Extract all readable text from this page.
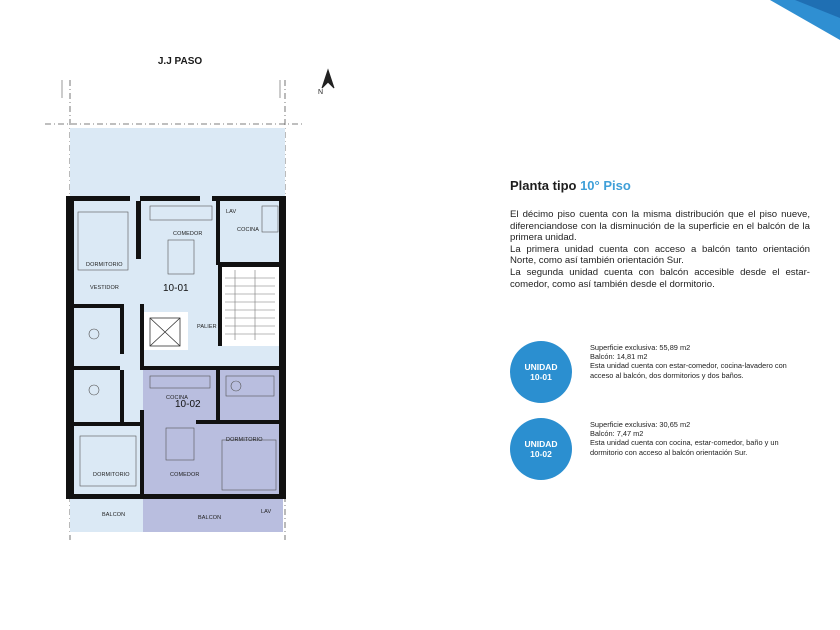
J.J PASO
COMEDOR
COCINA
LAV
DORMITORIO
VESTIDOR	10-01
PALIER
COCINA
10-02
DORMITORIO
DORMITORIO	COMEDOR
BALCON	BALCON
LAV
N
Planta tipo 10° Piso

El décimo piso cuenta con la misma distribución que el piso nueve, diferenciandose con la disminución de la superficie en el balcón de la primera unidad.

La primera unidad cuenta con acceso a balcón tanto orientación Norte, como así también orientación Sur.

La segunda unidad cuenta con balcón accesible desde el estar-comedor, como así también desde el dormitorio.

UNIDAD
10-01
Superficie exclusiva: 55,89 m2
Balcón: 14,81 m2
Esta unidad cuenta con estar-comedor, cocina-lavadero con acceso al balcón, dos dormitorios y dos baños.
UNIDAD
10-02
Superficie exclusiva: 30,65 m2
Balcón: 7,47 m2
Esta unidad cuenta con cocina, estar-comedor, baño y un dormitorio con acceso al balcón orientación Sur.
